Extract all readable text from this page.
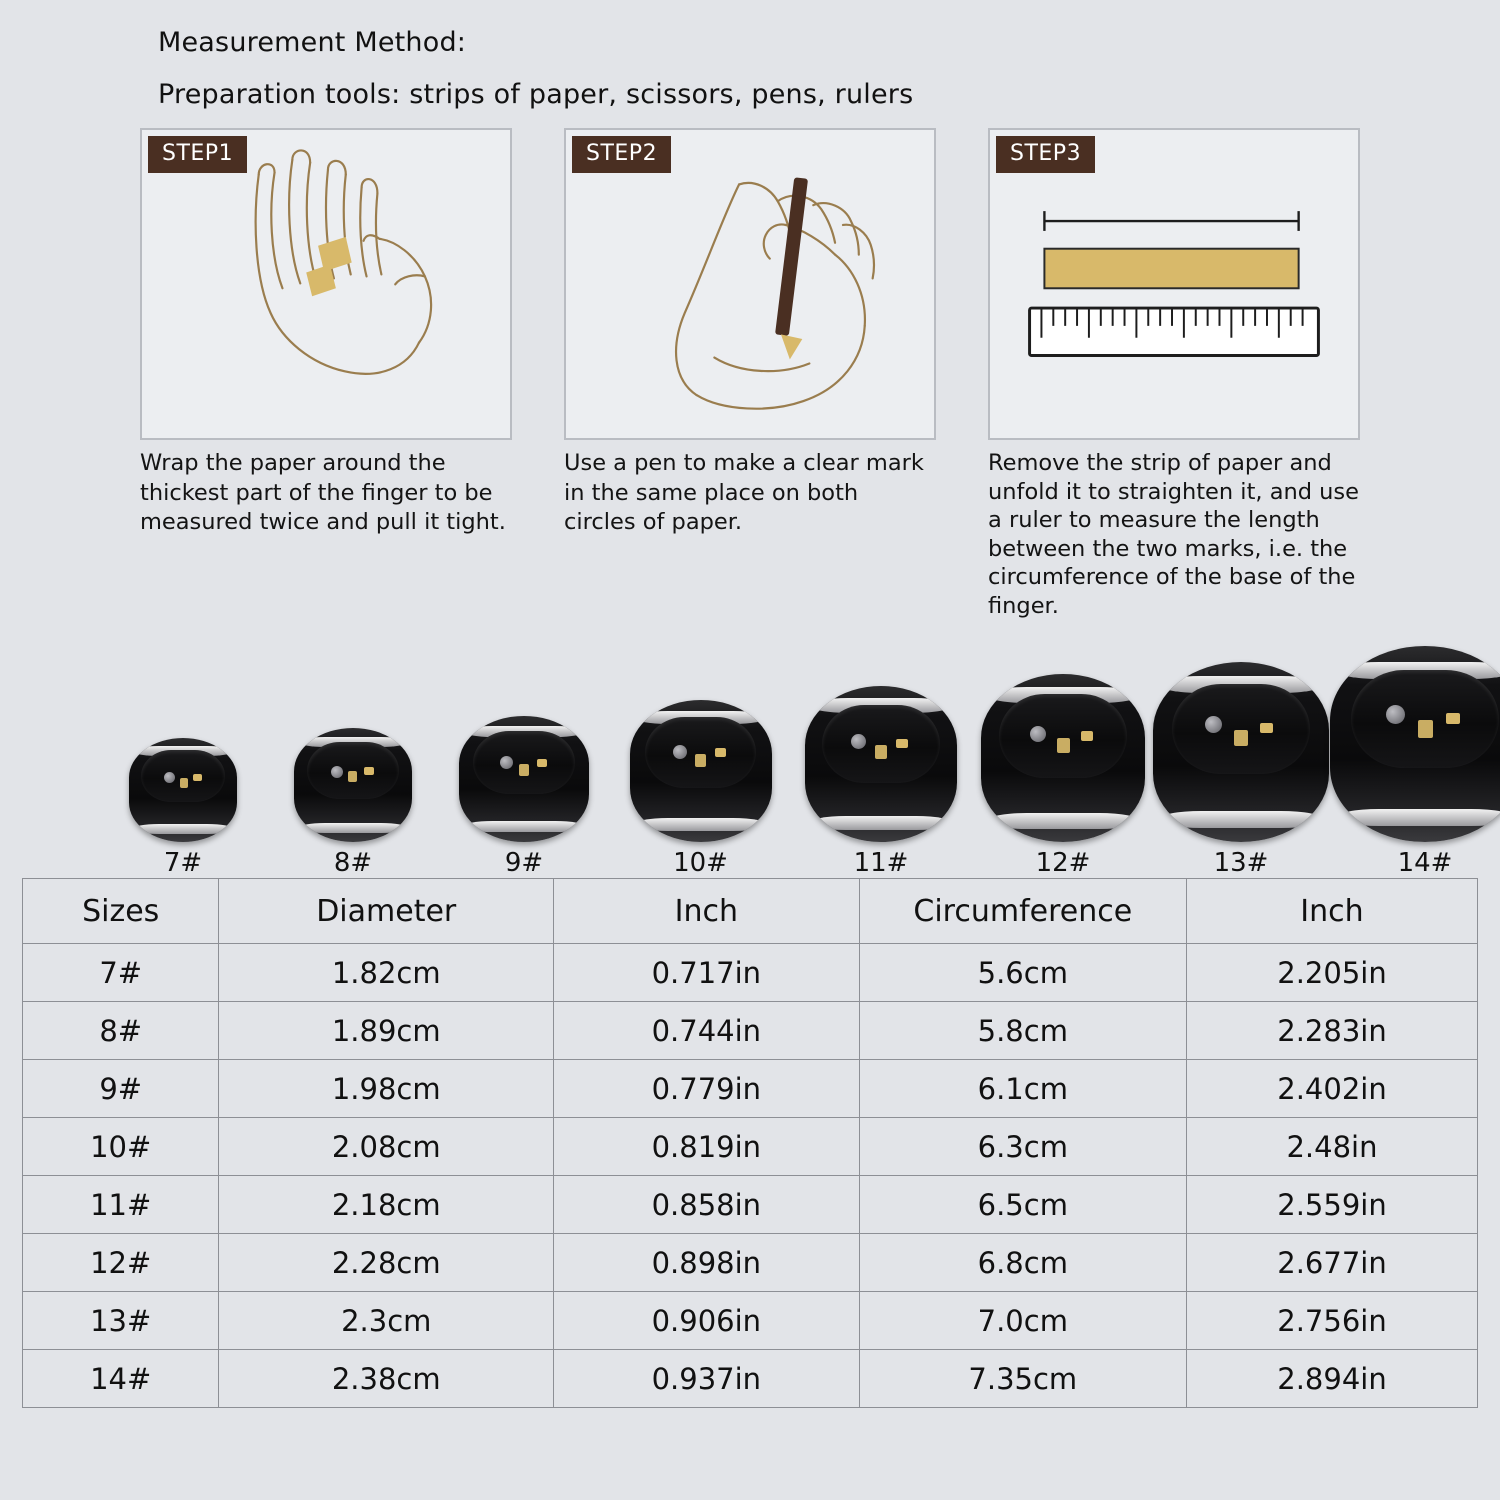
Measurement Method:
Preparation tools: strips of paper, scissors, pens, rulers
STEP1
Wrap the paper around the thickest part of the finger to be measured twice and pull it tight.
STEP2
Use a pen to make a clear mark in the same place on both circles of paper.
STEP3
Remove the strip of paper and unfold it to straighten it, and use a ruler to measure the length between the two marks, i.e. the circumference of the base of the finger.
7#	8#	9#	10#	11#	12#	13#	14#
Sizes	Diameter	Inch	Circumference	Inch
7#	1.82cm	0.717in	5.6cm	2.205in
8#	1.89cm	0.744in	5.8cm	2.283in
9#	1.98cm	0.779in	6.1cm	2.402in
10#	2.08cm	0.819in	6.3cm	2.48in
11#	2.18cm	0.858in	6.5cm	2.559in
12#	2.28cm	0.898in	6.8cm	2.677in
13#	2.3cm	0.906in	7.0cm	2.756in
14#	2.38cm	0.937in	7.35cm	2.894in
